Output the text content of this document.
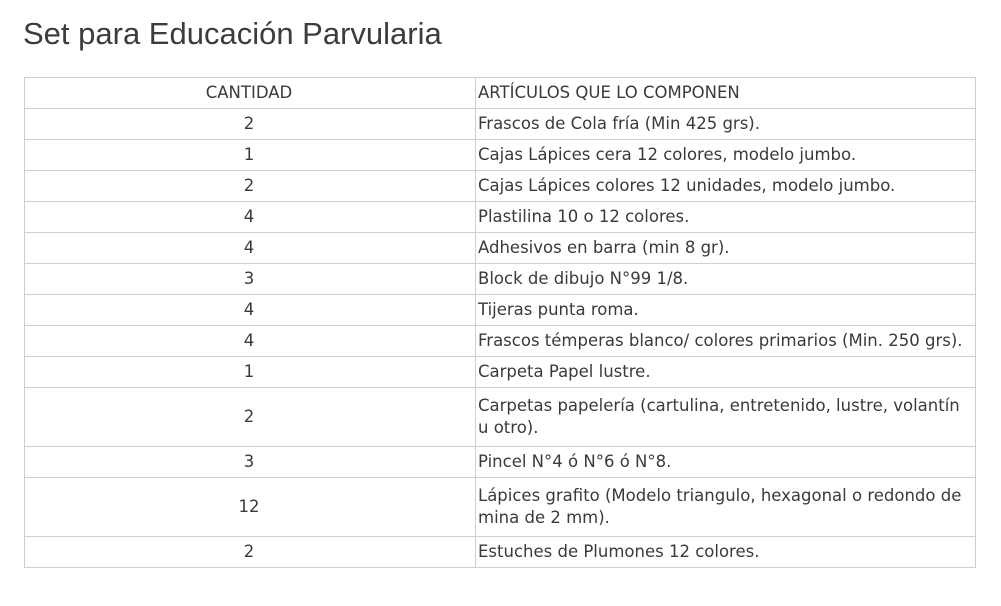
Set para Educación Parvularia
CANTIDAD	ARTÍCULOS QUE LO COMPONEN
2	Frascos de Cola fría (Min 425 grs).
1	Cajas Lápices cera 12 colores, modelo jumbo.
2	Cajas Lápices colores 12 unidades, modelo jumbo.
4	Plastilina 10 o 12 colores.
4	Adhesivos en barra (min 8 gr).
3	Block de dibujo N°99 1/8.
4	Tijeras punta roma.
4	Frascos témperas blanco/ colores primarios (Min. 250 grs).
1	Carpeta Papel lustre.
2	Carpetas papelería (cartulina, entretenido, lustre, volantín u otro).
3	Pincel N°4 ó N°6 ó N°8.
12	Lápices grafito (Modelo triangulo, hexagonal o redondo de mina de 2 mm).
2	Estuches de Plumones 12 colores.
